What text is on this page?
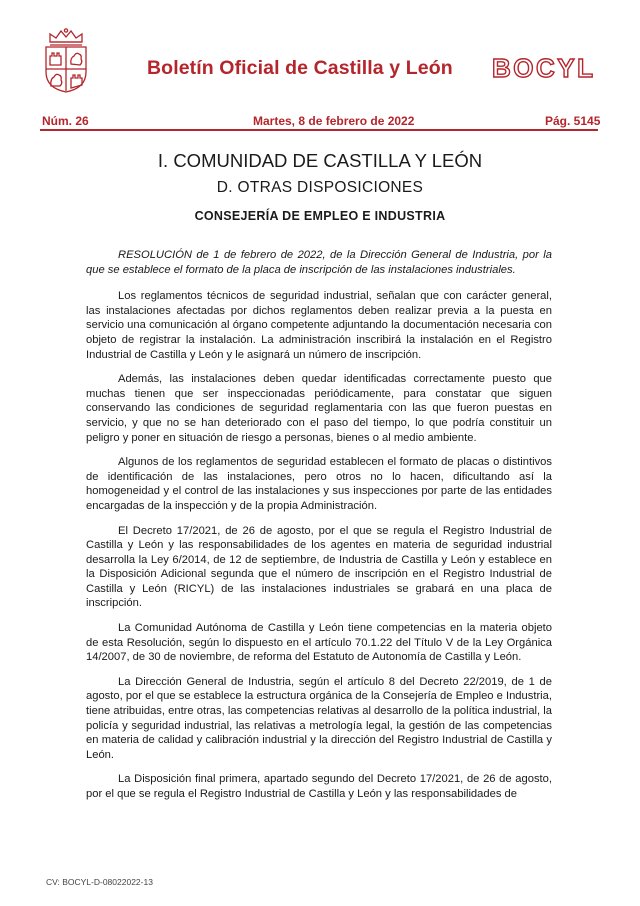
Boletín Oficial de Castilla y León BOCYL
Núm. 26	Martes, 8 de febrero de 2022	Pág. 5145
I. COMUNIDAD DE CASTILLA Y LEÓN
D. OTRAS DISPOSICIONES
CONSEJERÍA DE EMPLEO E INDUSTRIA

RESOLUCIÓN de 1 de febrero de 2022, de la Dirección General de Industria, por la que se establece el formato de la placa de inscripción de las instalaciones industriales.

Los reglamentos técnicos de seguridad industrial, señalan que con carácter general, las instalaciones afectadas por dichos reglamentos deben realizar previa a la puesta en servicio una comunicación al órgano competente adjuntando la documentación necesaria con objeto de registrar la instalación. La administración inscribirá la instalación en el Registro Industrial de Castilla y León y le asignará un número de inscripción.

Además, las instalaciones deben quedar identificadas correctamente puesto que muchas tienen que ser inspeccionadas periódicamente, para constatar que siguen conservando las condiciones de seguridad reglamentaria con las que fueron puestas en servicio, y que no se han deteriorado con el paso del tiempo, lo que podría constituir un peligro y poner en situación de riesgo a personas, bienes o al medio ambiente.

Algunos de los reglamentos de seguridad establecen el formato de placas o distintivos de identificación de las instalaciones, pero otros no lo hacen, dificultando así la homogeneidad y el control de las instalaciones y sus inspecciones por parte de las entidades encargadas de la inspección y de la propia Administración.

El Decreto 17/2021, de 26 de agosto, por el que se regula el Registro Industrial de Castilla y León y las responsabilidades de los agentes en materia de seguridad industrial desarrolla la Ley 6/2014, de 12 de septiembre, de Industria de Castilla y León y establece en la Disposición Adicional segunda que el número de inscripción en el Registro Industrial de Castilla y León (RICYL) de las instalaciones industriales se grabará en una placa de inscripción.

La Comunidad Autónoma de Castilla y León tiene competencias en la materia objeto de esta Resolución, según lo dispuesto en el artículo 70.1.22 del Título V de la Ley Orgánica 14/2007, de 30 de noviembre, de reforma del Estatuto de Autonomía de Castilla y León.

La Dirección General de Industria, según el artículo 8 del Decreto 22/2019, de 1 de agosto, por el que se establece la estructura orgánica de la Consejería de Empleo e Industria, tiene atribuidas, entre otras, las competencias relativas al desarrollo de la política industrial, la policía y seguridad industrial, las relativas a metrología legal, la gestión de las competencias en materia de calidad y calibración industrial y la dirección del Registro Industrial de Castilla y León.

La Disposición final primera, apartado segundo del Decreto 17/2021, de 26 de agosto, por el que se regula el Registro Industrial de Castilla y León y las responsabilidades de

CV: BOCYL-D-08022022-13
